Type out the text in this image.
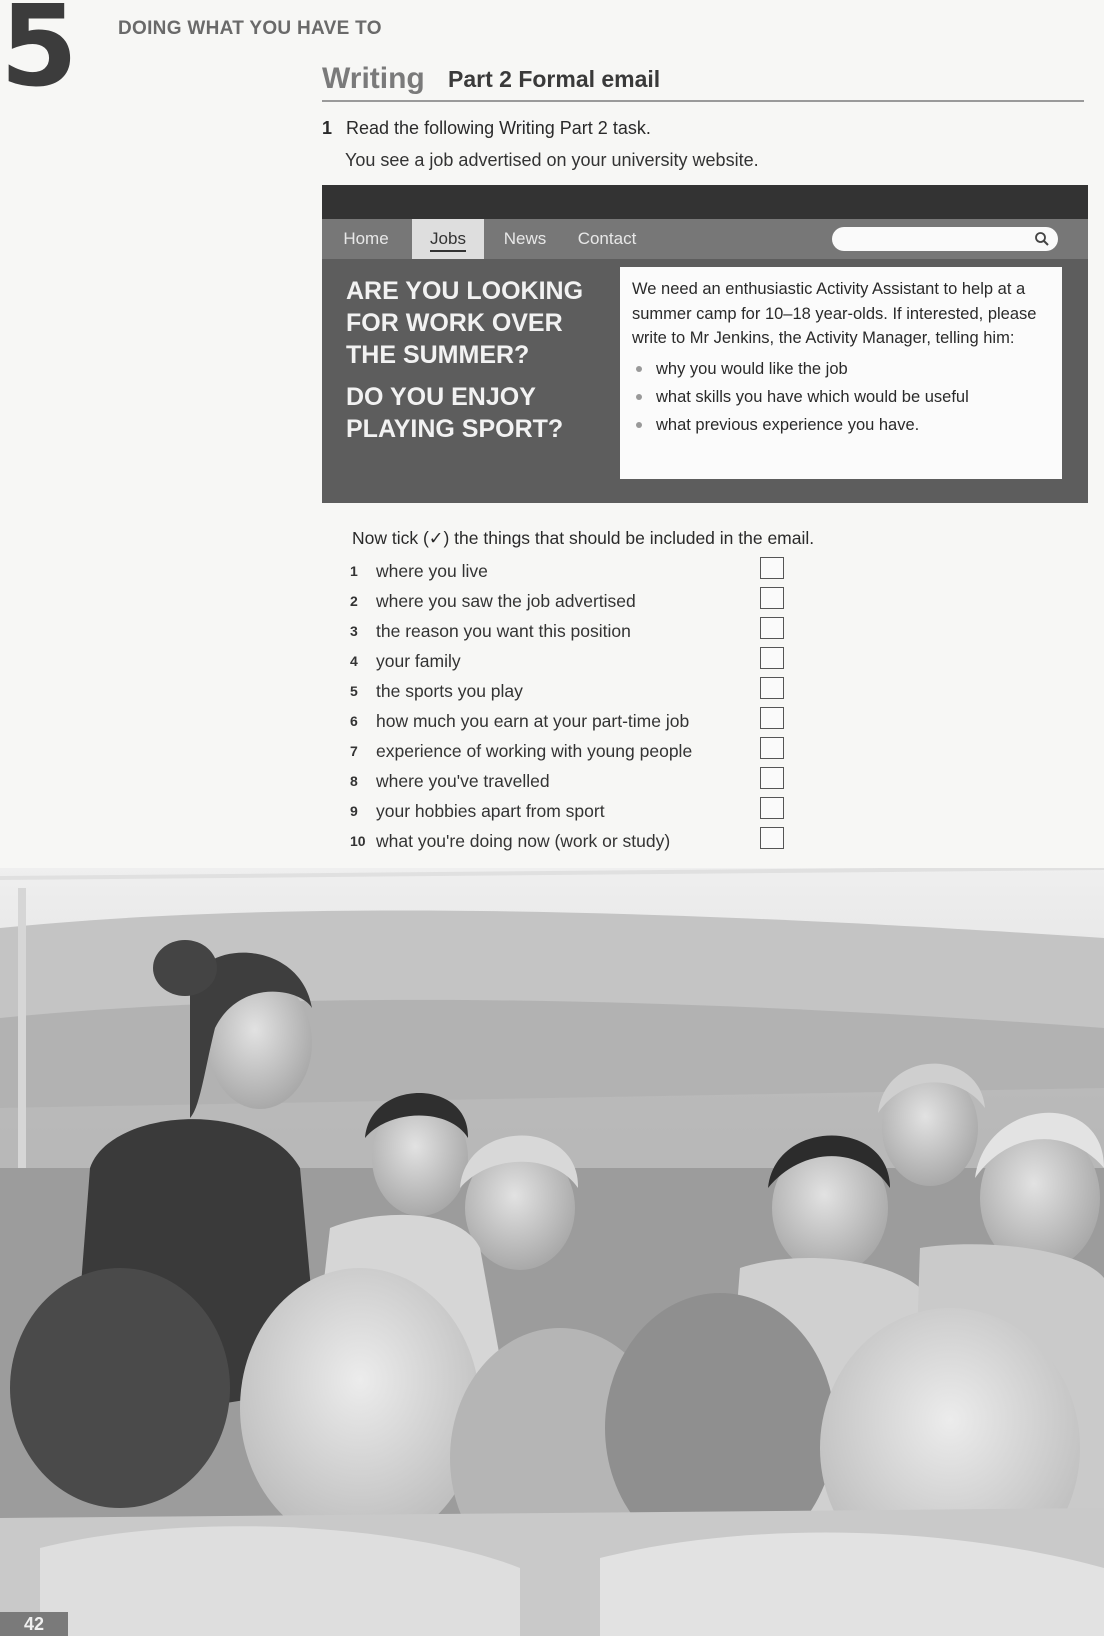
5 DOING WHAT YOU HAVE TO
Writing Part 2 Formal email
1 Read the following Writing Part 2 task.
You see a job advertised on your university website.
Home	Jobs	News	Contact
ARE YOU LOOKING FOR WORK OVER THE SUMMER?
DO YOU ENJOY PLAYING SPORT?
We need an enthusiastic Activity Assistant to help at a summer camp for 10–18 year-olds. If interested, please write to Mr Jenkins, the Activity Manager, telling him:
why you would like the job
what skills you have which would be useful
what previous experience you have.
Now tick (✓) the things that should be included in the email.
1	where you live
2	where you saw the job advertised
3	the reason you want this position
4	your family
5	the sports you play
6	how much you earn at your part-time job
7	experience of working with young people
8	where you've travelled
9	your hobbies apart from sport
10 what you're doing now (work or study)
42
